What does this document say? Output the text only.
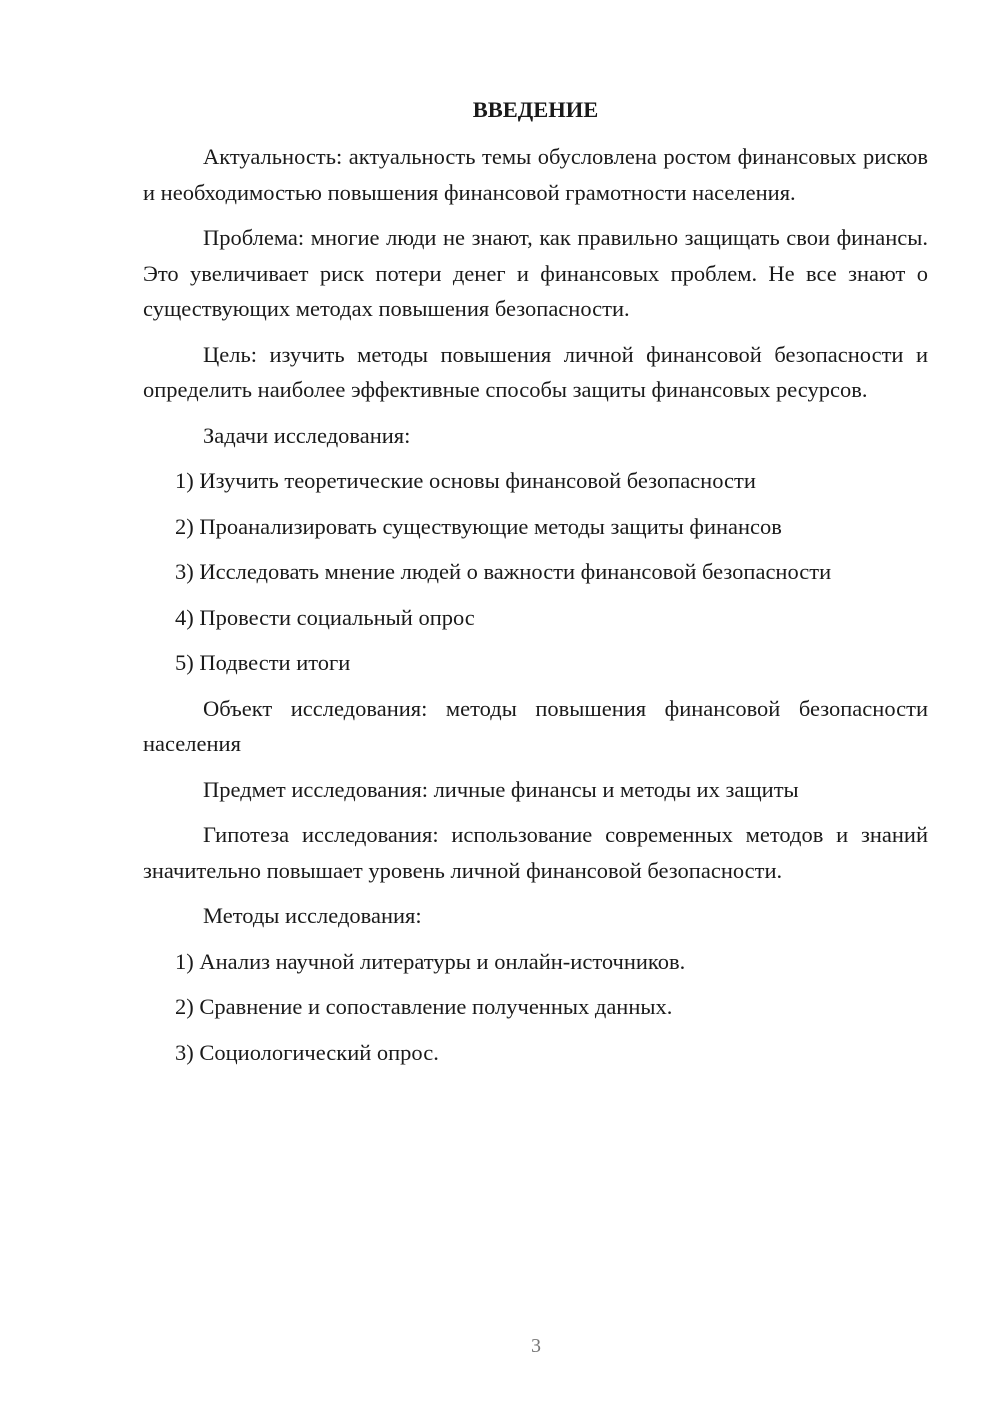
ВВЕДЕНИЕ

Актуальность: актуальность темы обусловлена ростом финансовых рисков и необходимостью повышения финансовой грамотности населения.

Проблема: многие люди не знают, как правильно защищать свои финансы. Это увеличивает риск потери денег и финансовых проблем. Не все знают о существующих методах повышения безопасности.

Цель: изучить методы повышения личной финансовой безопасности и определить наиболее эффективные способы защиты финансовых ресурсов.

Задачи исследования:

1) Изучить теоретические основы финансовой безопасности

2) Проанализировать существующие методы защиты финансов

3) Исследовать мнение людей о важности финансовой безопасности

4) Провести социальный опрос

5) Подвести итоги

Объект исследования: методы повышения финансовой безопасности населения

Предмет исследования: личные финансы и методы их защиты

Гипотеза исследования: использование современных методов и знаний значительно повышает уровень личной финансовой безопасности.

Методы исследования:

1) Анализ научной литературы и онлайн-источников.

2) Сравнение и сопоставление полученных данных.

3) Социологический опрос.

3
